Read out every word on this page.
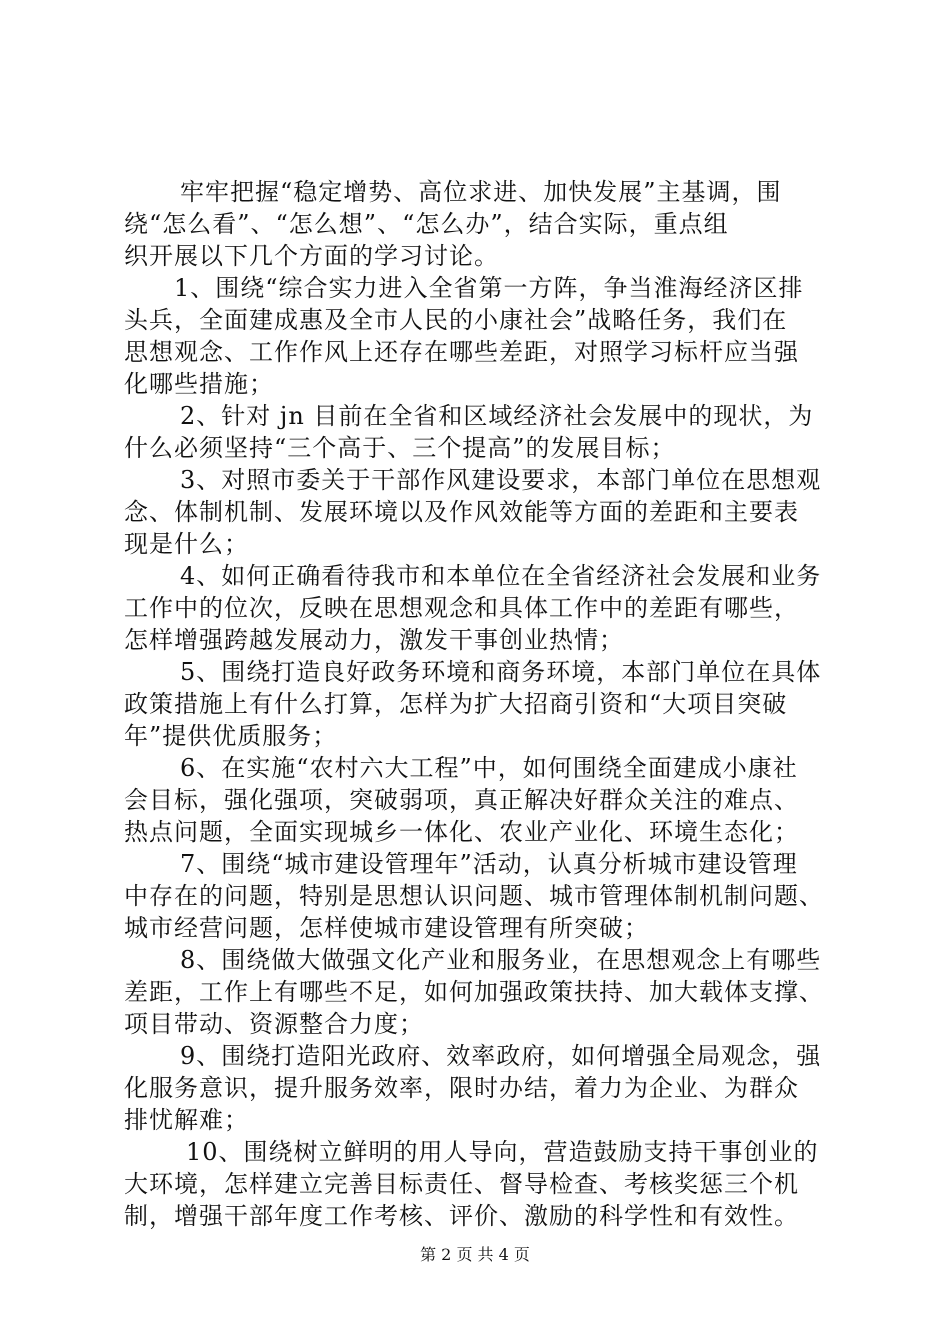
牢牢把握“稳定增势、高位求进、加快发展”主基调，围
绕“怎么看”、“怎么想”、“怎么办”，结合实际，重点组
织开展以下几个方面的学习讨论。
1、围绕“综合实力进入全省第一方阵，争当淮海经济区排
头兵，全面建成惠及全市人民的小康社会”战略任务，我们在
思想观念、工作作风上还存在哪些差距，对照学习标杆应当强
化哪些措施；
2、针对 jn 目前在全省和区域经济社会发展中的现状，为
什么必须坚持“三个高于、三个提高”的发展目标；
3、对照市委关于干部作风建设要求，本部门单位在思想观
念、体制机制、发展环境以及作风效能等方面的差距和主要表
现是什么；
4、如何正确看待我市和本单位在全省经济社会发展和业务
工作中的位次，反映在思想观念和具体工作中的差距有哪些，
怎样增强跨越发展动力，激发干事创业热情；
5、围绕打造良好政务环境和商务环境，本部门单位在具体
政策措施上有什么打算，怎样为扩大招商引资和“大项目突破
年”提供优质服务；
6、在实施“农村六大工程”中，如何围绕全面建成小康社
会目标，强化强项，突破弱项，真正解决好群众关注的难点、
热点问题，全面实现城乡一体化、农业产业化、环境生态化；
7、围绕“城市建设管理年”活动，认真分析城市建设管理
中存在的问题，特别是思想认识问题、城市管理体制机制问题、
城市经营问题，怎样使城市建设管理有所突破；
8、围绕做大做强文化产业和服务业，在思想观念上有哪些
差距，工作上有哪些不足，如何加强政策扶持、加大载体支撑、
项目带动、资源整合力度；
9、围绕打造阳光政府、效率政府，如何增强全局观念，强
化服务意识，提升服务效率，限时办结，着力为企业、为群众
排忧解难；
10、围绕树立鲜明的用人导向，营造鼓励支持干事创业的
大环境，怎样建立完善目标责任、督导检查、考核奖惩三个机
制，增强干部年度工作考核、评价、激励的科学性和有效性。
第 2 页 共 4 页
